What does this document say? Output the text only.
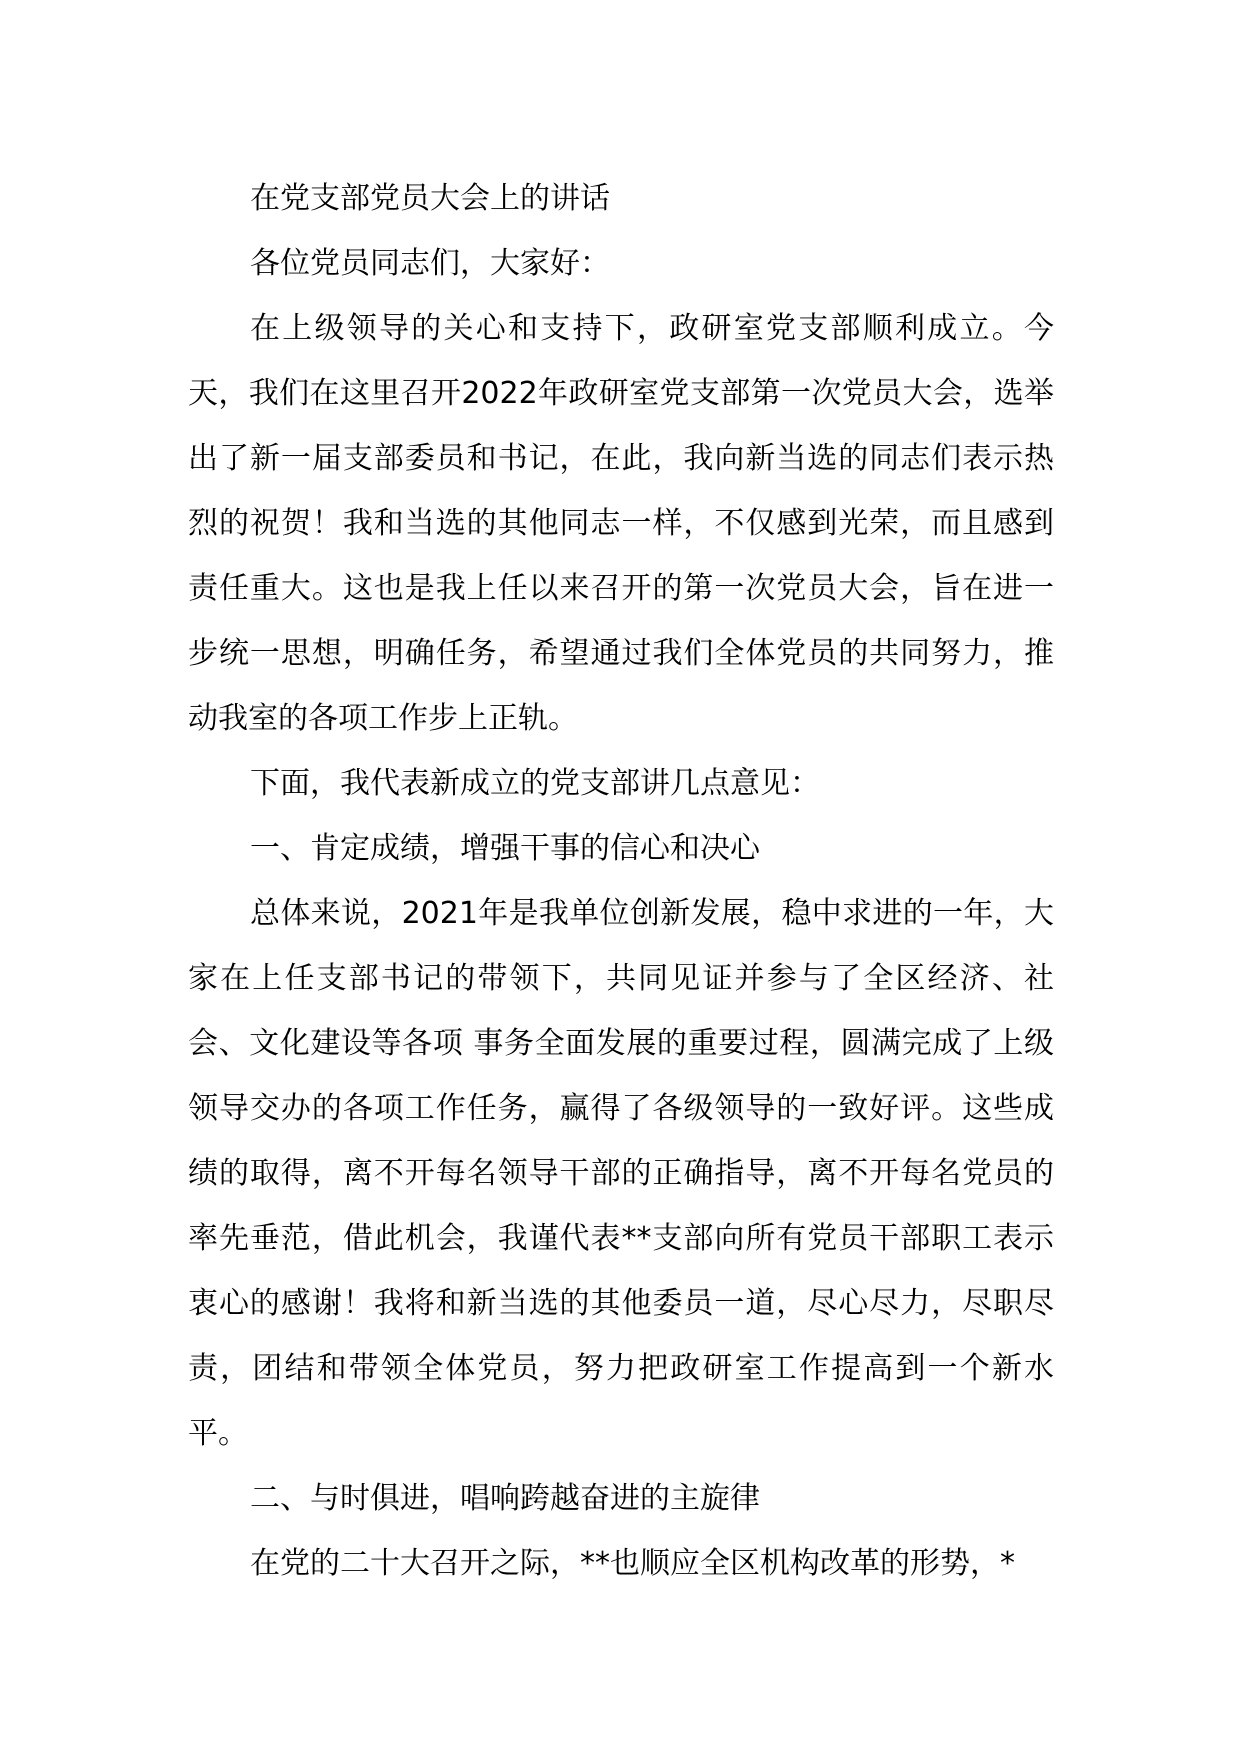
在党支部党员大会上的讲话

各位党员同志们，大家好：

在上级领导的关心和支持下，政研室党支部顺利成立。今天，我们在这里召开2022年政研室党支部第一次党员大会，选举出了新一届支部委员和书记，在此，我向新当选的同志们表示热烈的祝贺！我和当选的其他同志一样，不仅感到光荣，而且感到责任重大。这也是我上任以来召开的第一次党员大会，旨在进一步统一思想，明确任务，希望通过我们全体党员的共同努力，推动我室的各项工作步上正轨。

下面，我代表新成立的党支部讲几点意见：

一、肯定成绩，增强干事的信心和决心

总体来说，2021年是我单位创新发展，稳中求进的一年，大家在上任支部书记的带领下，共同见证并参与了全区经济、社会、文化建设等各项 事务全面发展的重要过程，圆满完成了上级领导交办的各项工作任务，赢得了各级领导的一致好评。这些成绩的取得，离不开每名领导干部的正确指导，离不开每名党员的率先垂范，借此机会，我谨代表**支部向所有党员干部职工表示衷心的感谢！我将和新当选的其他委员一道，尽心尽力，尽职尽责，团结和带领全体党员，努力把政研室工作提高到一个新水平。

二、与时俱进，唱响跨越奋进的主旋律

在党的二十大召开之际，**也顺应全区机构改革的形势，*
